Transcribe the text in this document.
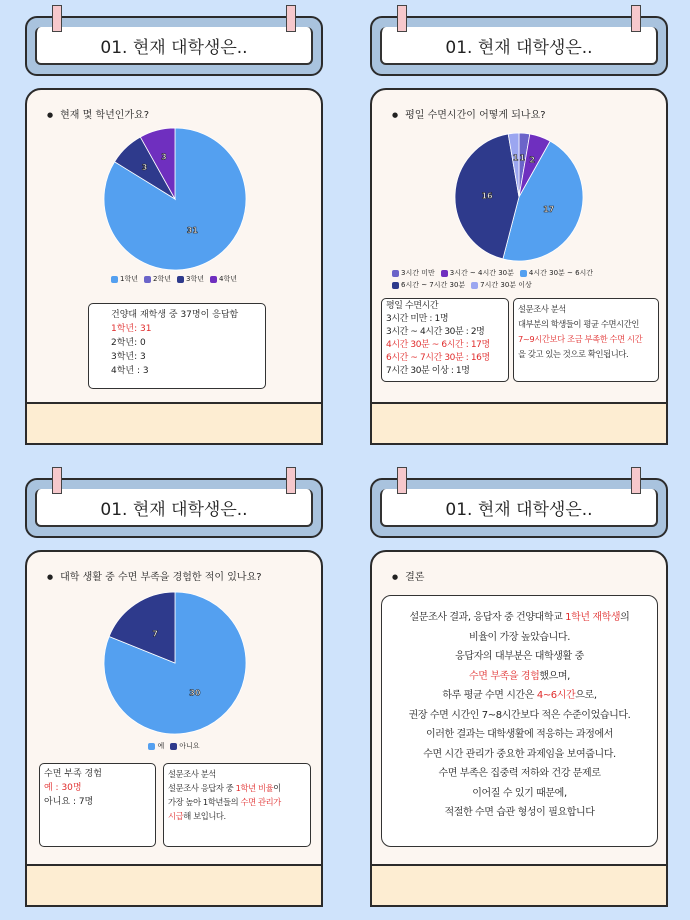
01. 현재 대학생은..
● 현재 몇 학년인가요?
31
3
3
1학년 2학년 3학년 4학년
건양대 재학생 중 37명이 응답함
1학년: 31
2학년: 0
3학년: 3
4학년 : 3
01. 현재 대학생은..
● 평일 수면시간이 어떻게 되나요?
1 2
17
16
1
3시간 미만 3시간 ~ 4시간 30분 4시간 30분 ~ 6시간
6시간 ~ 7시간 30분 7시간 30분 이상
평일 수면시간
3시간 미만 : 1명
3시간 ~ 4시간 30분 : 2명
4시간 30분 ~ 6시간 : 17명
6시간 ~ 7시간 30분 : 16명
7시간 30분 이상 : 1명
설문조사 분석
대부분의 학생들이 평균 수면시간인
7~9시간보다 조금 부족한 수면 시간
을 갖고 있는 것으로 확인됩니다.
01. 현재 대학생은..
● 대학 생활 중 수면 부족을 경험한 적이 있나요?
30
7
예 아니요
수면 부족 경험
예 : 30명
아니요 : 7명
설문조사 분석
설문조사 응답자 중 1학년 비율이
가장 높아 1학년들의 수면 관리가
시급해 보입니다.
01. 현재 대학생은..
● 결론
설문조사 결과, 응답자 중 건양대학교 1학년 재학생의
비율이 가장 높았습니다.
응답자의 대부분은 대학생활 중
수면 부족을 경험했으며,
하루 평균 수면 시간은 4~6시간으로,
권장 수면 시간인 7~8시간보다 적은 수준이었습니다.
이러한 결과는 대학생활에 적응하는 과정에서
수면 시간 관리가 중요한 과제임을 보여줍니다.
수면 부족은 집중력 저하와 건강 문제로
이어질 수 있기 때문에,
적절한 수면 습관 형성이 필요합니다
